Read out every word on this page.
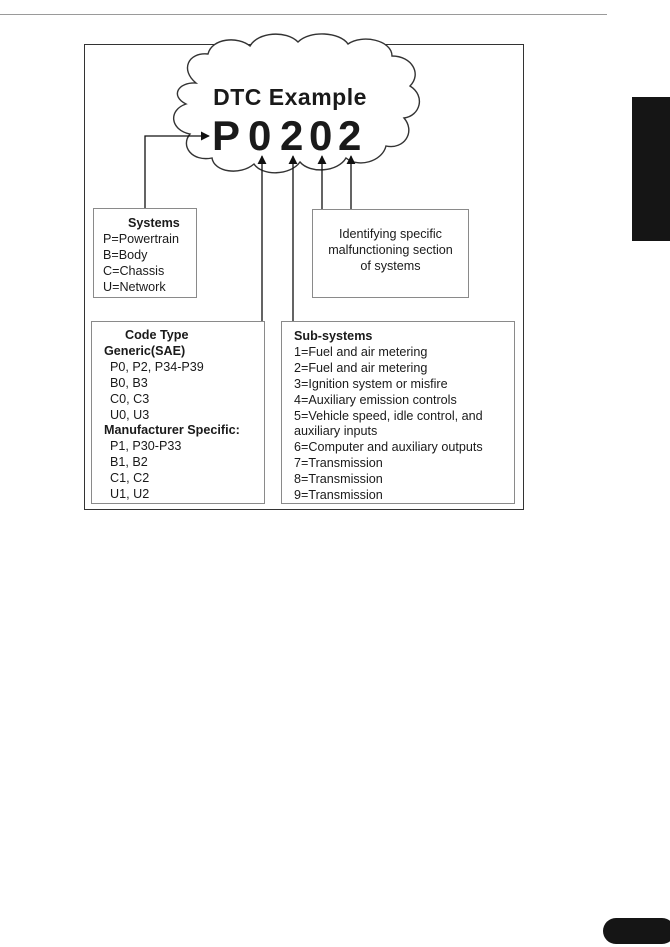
DTC Example
P 0 2 0 2
Systems
P=Powertrain
B=Body
C=Chassis
U=Network
Identifying specific
malfunctioning section
of systems
Code Type
Generic(SAE)
P0, P2, P34-P39
B0, B3
C0, C3
U0, U3
Manufacturer Specific:
P1, P30-P33
B1, B2
C1, C2
U1, U2
Sub-systems
1=Fuel and air metering
2=Fuel and air metering
3=Ignition system or misfire
4=Auxiliary emission controls
5=Vehicle speed, idle control, and
auxiliary inputs
6=Computer and auxiliary outputs
7=Transmission
8=Transmission
9=Transmission
